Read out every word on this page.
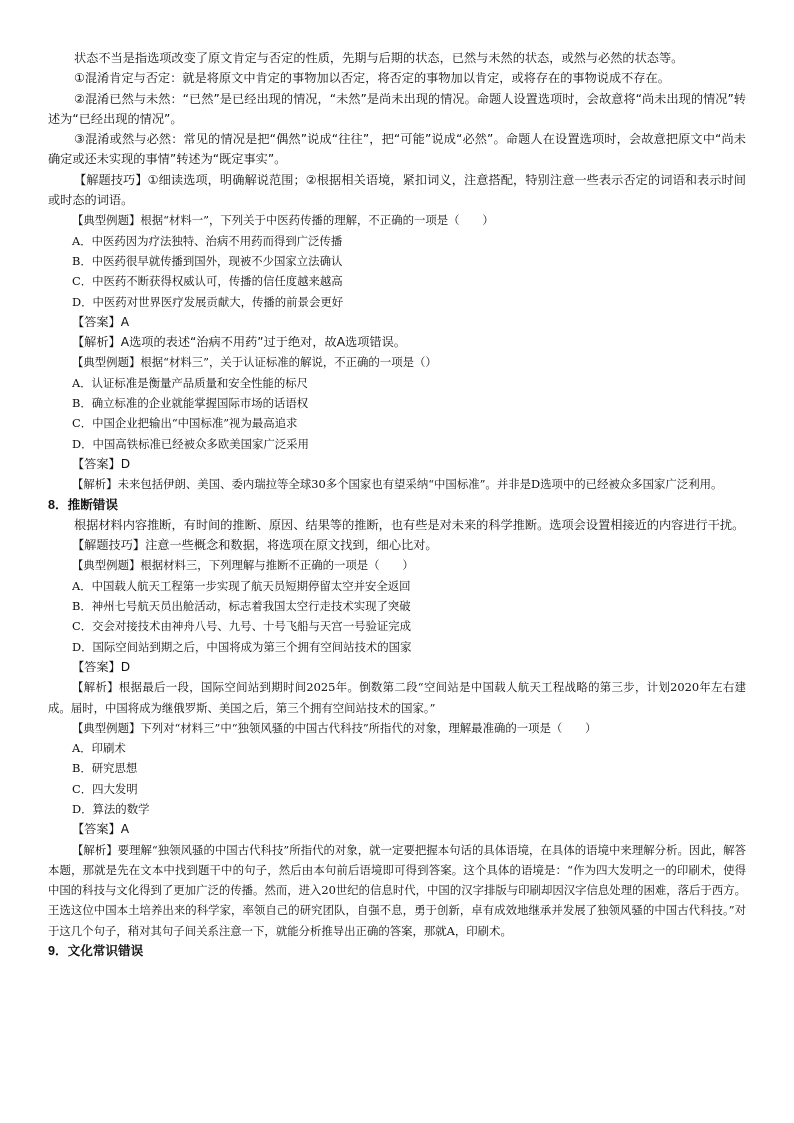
状态不当是指选项改变了原文肯定与否定的性质，先期与后期的状态，已然与未然的状态，或然与必然的状态等。

①混淆肯定与否定：就是将原文中肯定的事物加以否定，将否定的事物加以肯定，或将存在的事物说成不存在。

②混淆已然与未然：“已然”是已经出现的情况，“未然”是尚未出现的情况。命题人设置选项时，会故意将“尚未出现的情况”转述为“已经出现的情况”。

③混淆或然与必然：常见的情况是把“偶然”说成“往往”，把“可能”说成“必然”。命题人在设置选项时，会故意把原文中“尚未确定或还未实现的事情”转述为“既定事实”。

【解题技巧】①细读选项，明确解说范围；②根据相关语境，紧扣词义，注意搭配，特别注意一些表示否定的词语和表示时间或时态的词语。

【典型例题】根据“材料一”，下列关于中医药传播的理解，不正确的一项是（　　）

A．中医药因为疗法独特、治病不用药而得到广泛传播

B．中医药很早就传播到国外，现被不少国家立法确认

C．中医药不断获得权威认可，传播的信任度越来越高

D．中医药对世界医疗发展贡献大，传播的前景会更好

【答案】A

【解析】A选项的表述“治病不用药”过于绝对，故A选项错误。

【典型例题】根据“材料三”，关于认证标准的解说，不正确的一项是（）

A．认证标准是衡量产品质量和安全性能的标尺

B．确立标准的企业就能掌握国际市场的话语权

C．中国企业把输出“中国标准”视为最高追求

D．中国高铁标准已经被众多欧美国家广泛采用

【答案】D

【解析】未来包括伊朗、美国、委内瑞拉等全球30多个国家也有望采纳“中国标准”。并非是D选项中的已经被众多国家广泛利用。

8．推断错误

根据材料内容推断，有时间的推断、原因、结果等的推断，也有些是对未来的科学推断。选项会设置相接近的内容进行干扰。

【解题技巧】注意一些概念和数据，将选项在原文找到，细心比对。

【典型例题】根据材料三，下列理解与推断不正确的一项是（　　）

A．中国载人航天工程第一步实现了航天员短期停留太空并安全返回

B．神州七号航天员出舱活动，标志着我国太空行走技术实现了突破

C．交会对接技术由神舟八号、九号、十号飞船与天宫一号验证完成

D．国际空间站到期之后，中国将成为第三个拥有空间站技术的国家

【答案】D

【解析】根据最后一段，国际空间站到期时间2025年。倒数第二段“空间站是中国载人航天工程战略的第三步，计划2020年左右建成。届时，中国将成为继俄罗斯、美国之后，第三个拥有空间站技术的国家。”

【典型例题】下列对“材料三”中“独领风骚的中国古代科技”所指代的对象，理解最准确的一项是（　　）

A．印刷术

B．研究思想

C．四大发明

D．算法的数学

【答案】A

【解析】要理解“独领风骚的中国古代科技”所指代的对象，就一定要把握本句话的具体语境，在具体的语境中来理解分析。因此，解答本题，那就是先在文本中找到题干中的句子，然后由本句前后语境即可得到答案。这个具体的语境是：“作为四大发明之一的印刷术，使得中国的科技与文化得到了更加广泛的传播。然而，进入20世纪的信息时代，中国的汉字排版与印刷却因汉字信息处理的困难，落后于西方。王选这位中国本土培养出来的科学家，率领自己的研究团队，自强不息，勇于创新，卓有成效地继承并发展了独领风骚的中国古代科技。”对于这几个句子，稍对其句子间关系注意一下，就能分析推导出正确的答案，那就A，印刷术。

9．文化常识错误
